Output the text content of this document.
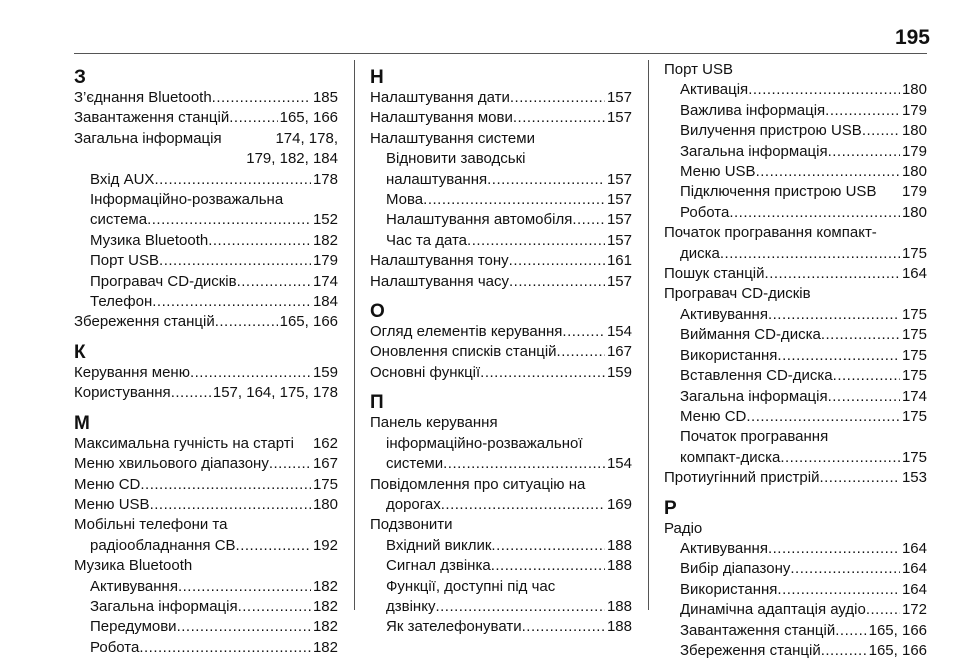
195
З
З’єднання Bluetooth .....	185
Завантаження станцій .....	165, 166
Загальна інформація	174, 178,
179, 182, 184
Вхід AUX .....	178
Інформаційно-розважальна
система .....	152
Музика Bluetooth .....	182
Порт USB .....	179
Програвач CD-дисків .....	174
Телефон .....	184
Збереження станцій .....	165, 166
К
Керування меню .....	159
Користування .....	157, 164, 175, 178
М
Максимальна гучність на старті 162
Меню хвильового діапазону .....	167
Меню CD .....	175
Меню USB .....	180
Мобільні телефони та
радіообладнання CB .....	192
Музика Bluetooth
Активування .....	182
Загальна інформація .....	182
Передумови .....	182
Робота .....	182
Н
Налаштування дати .....	157
Налаштування мови .....	157
Налаштування системи
Відновити заводські
налаштування .....	157
Мова .....	157
Налаштування автомобіля ..... 157
Час та дата .....	157
Налаштування тону .....	161
Налаштування часу .....	157
О
Огляд елементів керування .....	154
Оновлення списків станцій .....	167
Основні функції .....	159
П
Панель керування
інформаційно-розважальної
системи .....	154
Повідомлення про ситуацію на
дорогах .....	169
Подзвонити
Вхідний виклик .....	188
Сигнал дзвінка .....	188
Функції, доступні під час
дзвінку .....	188
Як зателефонувати .....	188
Порт USB
Активація .....	180
Важлива інформація .....	179
Вилучення пристрою USB .....	180
Загальна інформація .....	179
Меню USB .....	180
Підключення пристрою USB 179
Робота .....	180
Початок програвання компакт-
диска .....	175
Пошук станцій .....	164
Програвач CD-дисків
Активування .....	175
Виймання CD-диска .....	175
Використання .....	175
Вставлення CD-диска .....	175
Загальна інформація .....	174
Меню CD .....	175
Початок програвання
компакт-диска .....	175
Протиугінний пристрій .....	153
Р
Радіо
Активування .....	164
Вибір діапазону .....	164
Використання .....	164
Динамічна адаптація аудіо ..... 172
Завантаження станцій ..... 165, 166
Збереження станцій .....	165, 166
